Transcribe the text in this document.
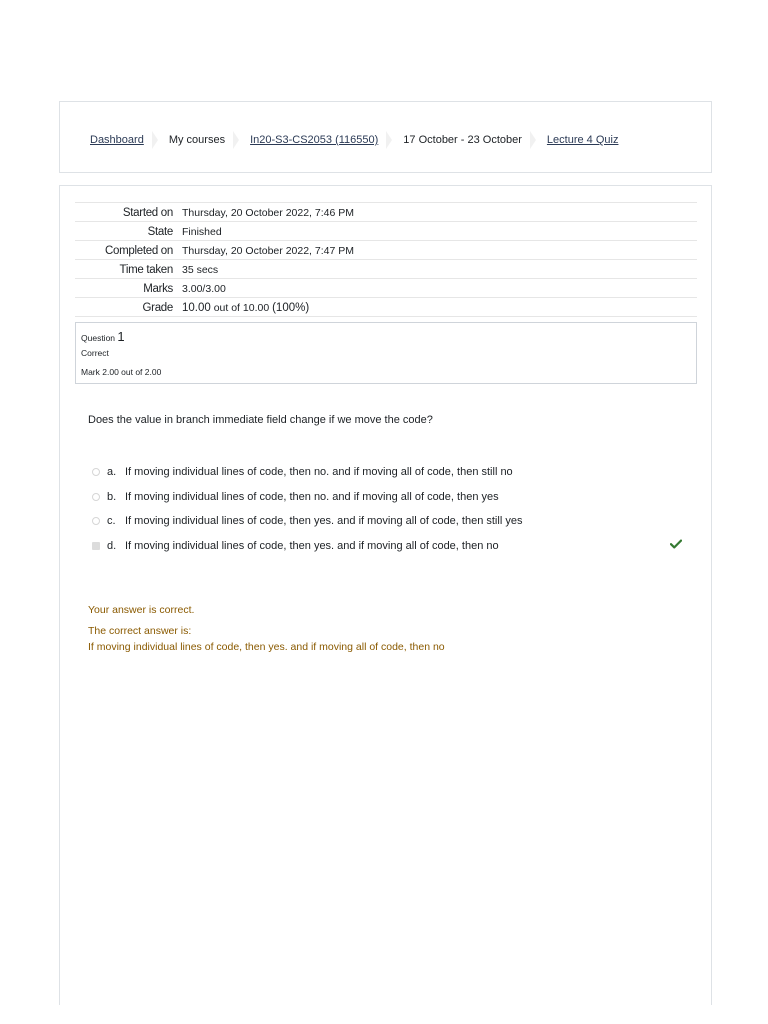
Dashboard My courses In20-S3-CS2053 (116550) 17 October - 23 October Lecture 4 Quiz
Started on	Thursday, 20 October 2022, 7:46 PM
State	Finished
Completed on	Thursday, 20 October 2022, 7:47 PM
Time taken	35 secs
Marks	3.00/3.00
Grade	10.00 out of 10.00 (100%)
Question 1
Correct
Mark 2.00 out of 2.00
Does the value in branch immediate field change if we move the code?
a. If moving individual lines of code, then no. and if moving all of code, then still no
b. If moving individual lines of code, then no. and if moving all of code, then yes
c. If moving individual lines of code, then yes. and if moving all of code, then still yes
d. If moving individual lines of code, then yes. and if moving all of code, then no
Your answer is correct.
The correct answer is:
If moving individual lines of code, then yes. and if moving all of code, then no
